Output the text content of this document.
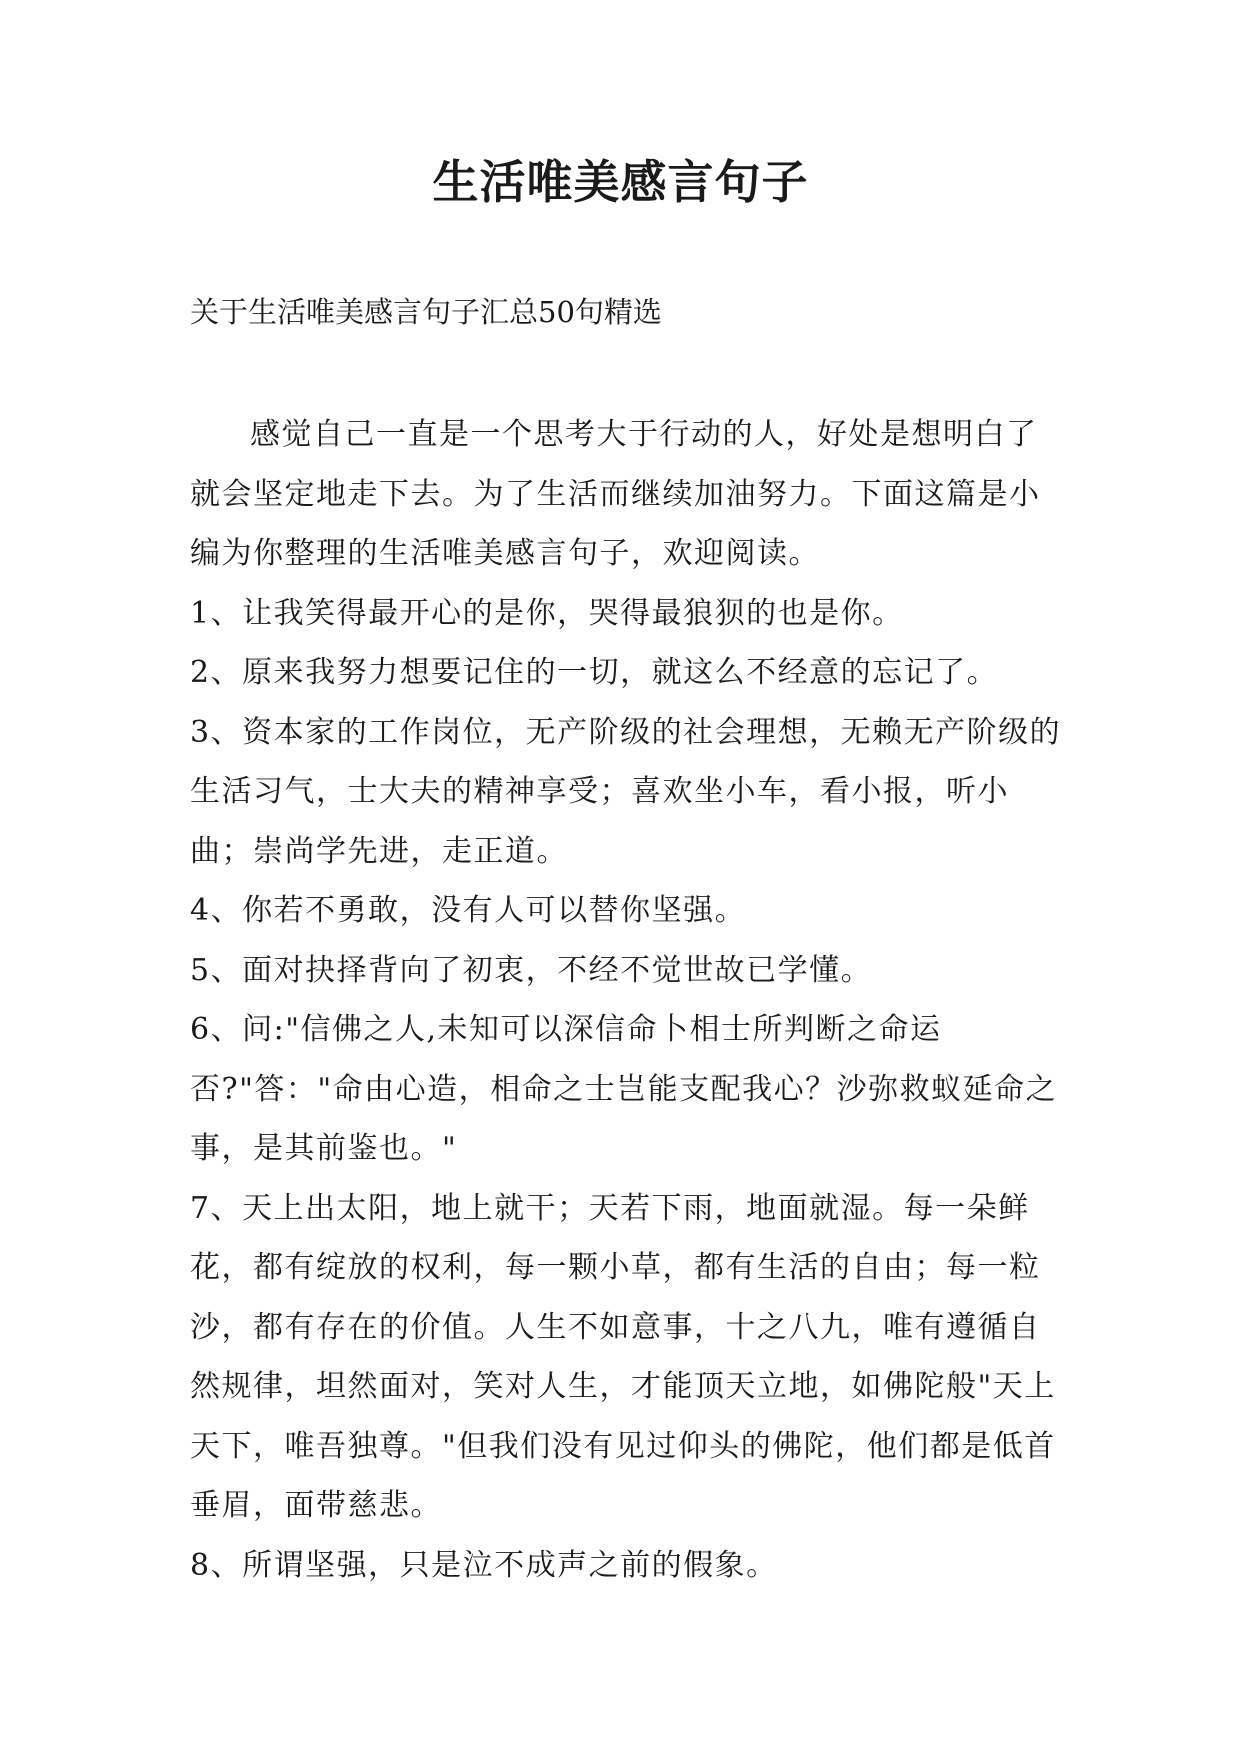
生活唯美感言句子

关于生活唯美感言句子汇总50句精选

感觉自己一直是一个思考大于行动的人，好处是想明白了就会坚定地走下去。为了生活而继续加油努力。下面这篇是小编为你整理的生活唯美感言句子，欢迎阅读。

1、让我笑得最开心的是你，哭得最狼狈的也是你。

2、原来我努力想要记住的一切，就这么不经意的忘记了。

3、资本家的工作岗位，无产阶级的社会理想，无赖无产阶级的生活习气，士大夫的精神享受；喜欢坐小车，看小报，听小曲；崇尚学先进，走正道。

4、你若不勇敢，没有人可以替你坚强。

5、面对抉择背向了初衷，不经不觉世故已学懂。

6、问:"信佛之人,未知可以深信命卜相士所判断之命运否?"答："命由心造，相命之士岂能支配我心？沙弥救蚁延命之事，是其前鉴也。"

7、天上出太阳，地上就干；天若下雨，地面就湿。每一朵鲜花，都有绽放的权利，每一颗小草，都有生活的自由；每一粒沙，都有存在的价值。人生不如意事，十之八九，唯有遵循自然规律，坦然面对，笑对人生，才能顶天立地，如佛陀般"天上天下，唯吾独尊。"但我们没有见过仰头的佛陀，他们都是低首垂眉，面带慈悲。

8、所谓坚强，只是泣不成声之前的假象。
